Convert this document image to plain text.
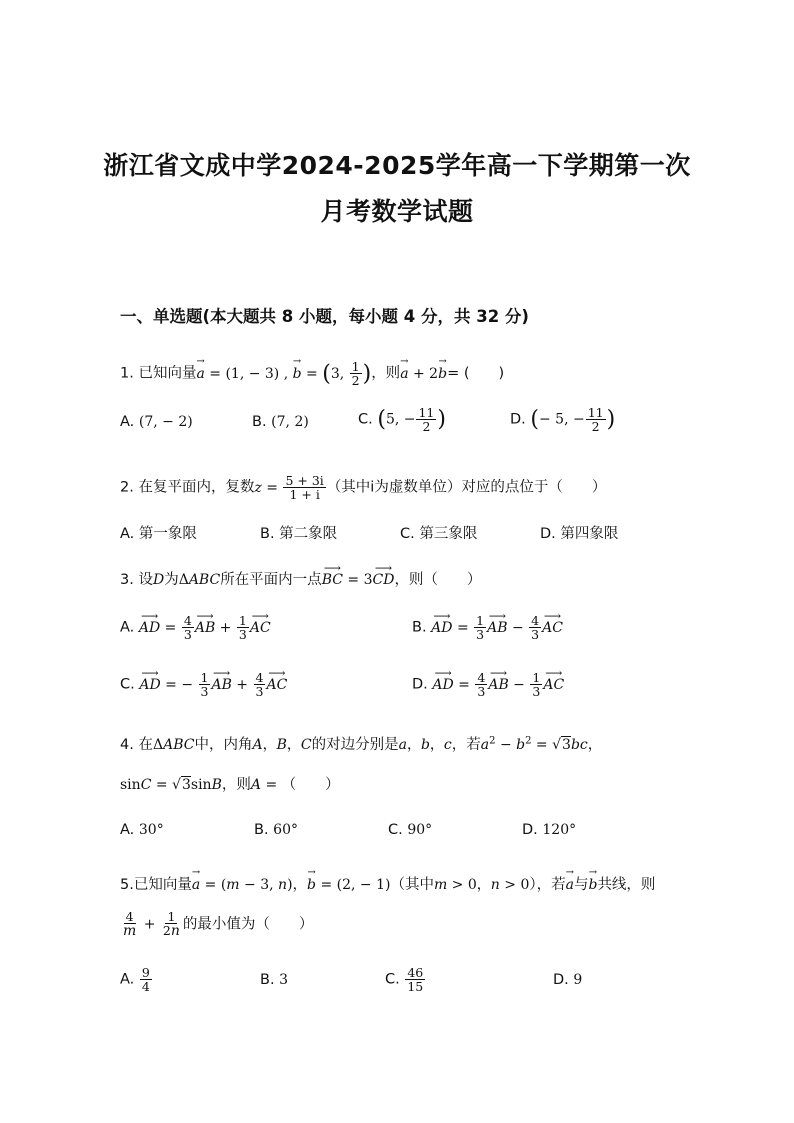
浙江省文成中学2024-2025学年高一下学期第一次
月考数学试题
一、单选题(本大题共 8 小题，每小题 4 分，共 32 分)
1. 已知向量→ a = (1, − 3) , → b = (3, $\frac{1}{2}$ )，则→ a + 2→ b= (　　)
A. (7, − 2)	B. (7, 2)	C. (5, − $\frac{11}{2}$ )	D. (− 5, − $\frac{11}{2}$ )
2. 在复平面内，复数$z = \frac{5 + 3i}{1 + i}$ （其中i为虚数单位）对应的点位于（　　）
A. 第一象限	B. 第二象限	C. 第三象限	D. 第四象限
3. 设D为ΔABC所在平面内一点⟶ BC = 3⟶ CD，则（　　）
A. ⟶ AD = $\frac{4}{3}$ ⟶ AB + $\frac{1}{3}$ ⟶ AC	B. ⟶ AD = $\frac{1}{3}$ ⟶ AB − $\frac{4}{3}$ ⟶ AC
C. ⟶ AD = − $\frac{1}{3}$ ⟶ AB + $\frac{4}{3}$ ⟶ AC	D. ⟶ AD = $\frac{4}{3}$ ⟶ AB − $\frac{1}{3}$ ⟶ AC
4. 在ΔABC中，内角A，B，C的对边分别是a，b，c，若$a^2 - b^2 = √3bc$，
sinC = √3sinB，则A = （　　）
A. 30°	B. 60°	C. 90°	D. 120°
5.已知向量→ a = (m − 3, n)，→ b = (2, − 1)（其中m > 0，n > 0），若→ a与→ b共线，则
$\frac{4}{m} + \frac{1}{2n}$ 的最小值为（　　）
A. $\frac{9}{4}$	B. 3	C. $\frac{46}{15}$	D. 9
